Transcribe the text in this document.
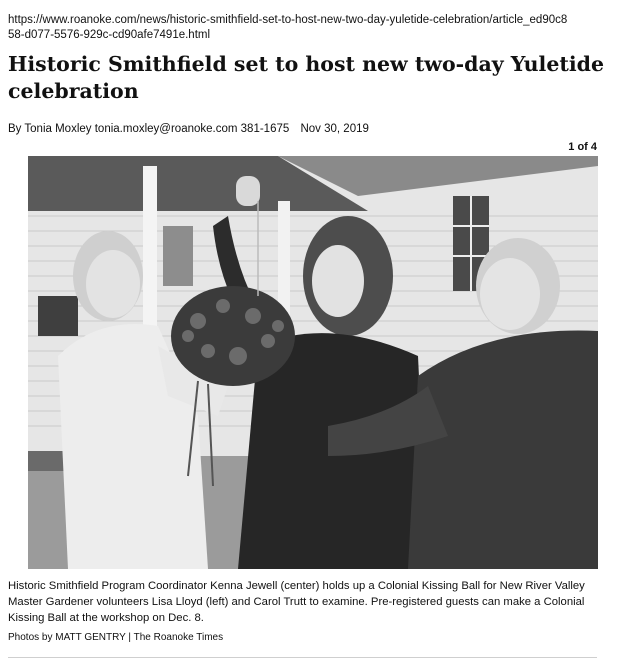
https://www.roanoke.com/news/historic-smithfield-set-to-host-new-two-day-yuletide-celebration/article_ed90c858-d077-5576-929c-cd90afe7491e.html
Historic Smithfield set to host new two-day Yuletide celebration
By Tonia Moxley tonia.moxley@roanoke.com 381-1675 Nov 30, 2019
1 of 4
Historic Smithfield Program Coordinator Kenna Jewell (center) holds up a Colonial Kissing Ball for New River Valley Master Gardener volunteers Lisa Lloyd (left) and Carol Trutt to examine. Pre-registered guests can make a Colonial Kissing Ball at the workshop on Dec. 8.
Photos by MATT GENTRY | The Roanoke Times
